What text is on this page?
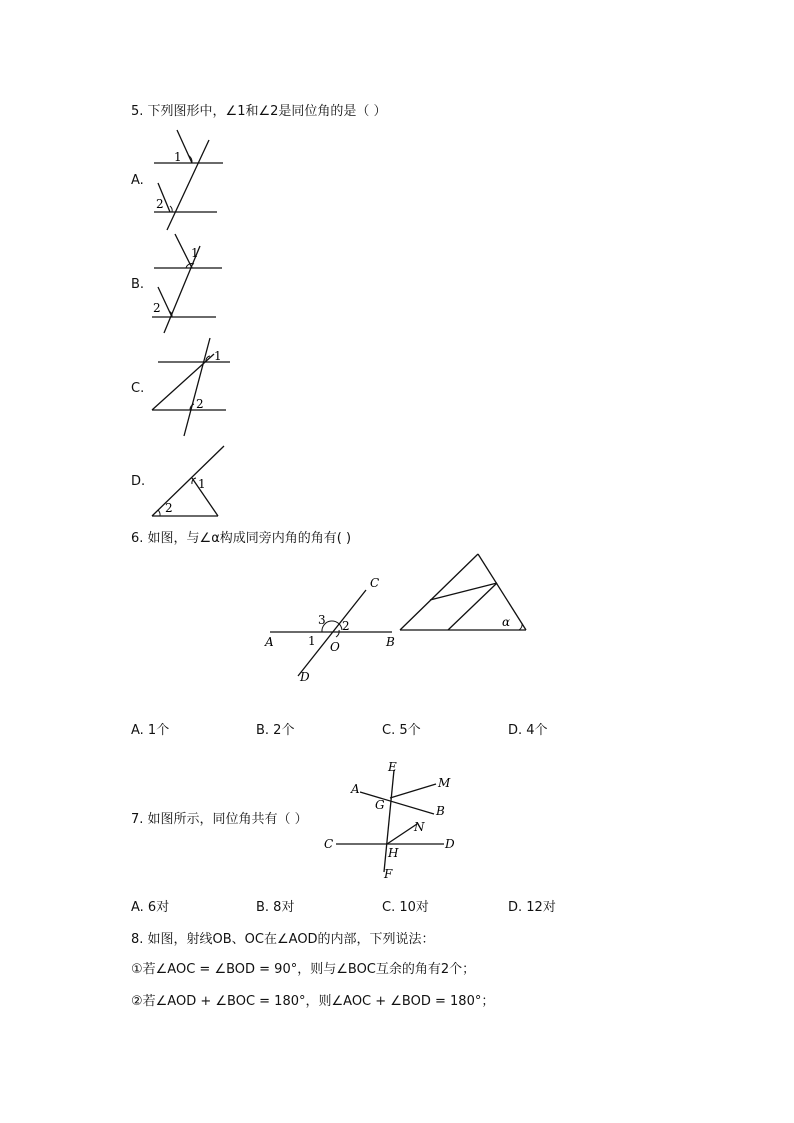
5. 下列图形中，∠1和∠2是同位角的是（ ）
A.
1
2
B.
1
2
C.
1
2
D.	1
2
6. 如图，与∠α构成同旁内角的角有( )
C
3 2
A	1 O	B
D
α
A. 1个	B. 2个	C. 5个	D. 4个
7. 如图所示，同位角共有（ ）
E
M
A
G	B
N
C
H
D
F
A. 6对	B. 8对	C. 10对	D. 12对
8. 如图，射线OB、OC在∠AOD的内部，下列说法：
①若∠AOC = ∠BOD = 90°，则与∠BOC互余的角有2个；
②若∠AOD + ∠BOC = 180°，则∠AOC + ∠BOD = 180°；
